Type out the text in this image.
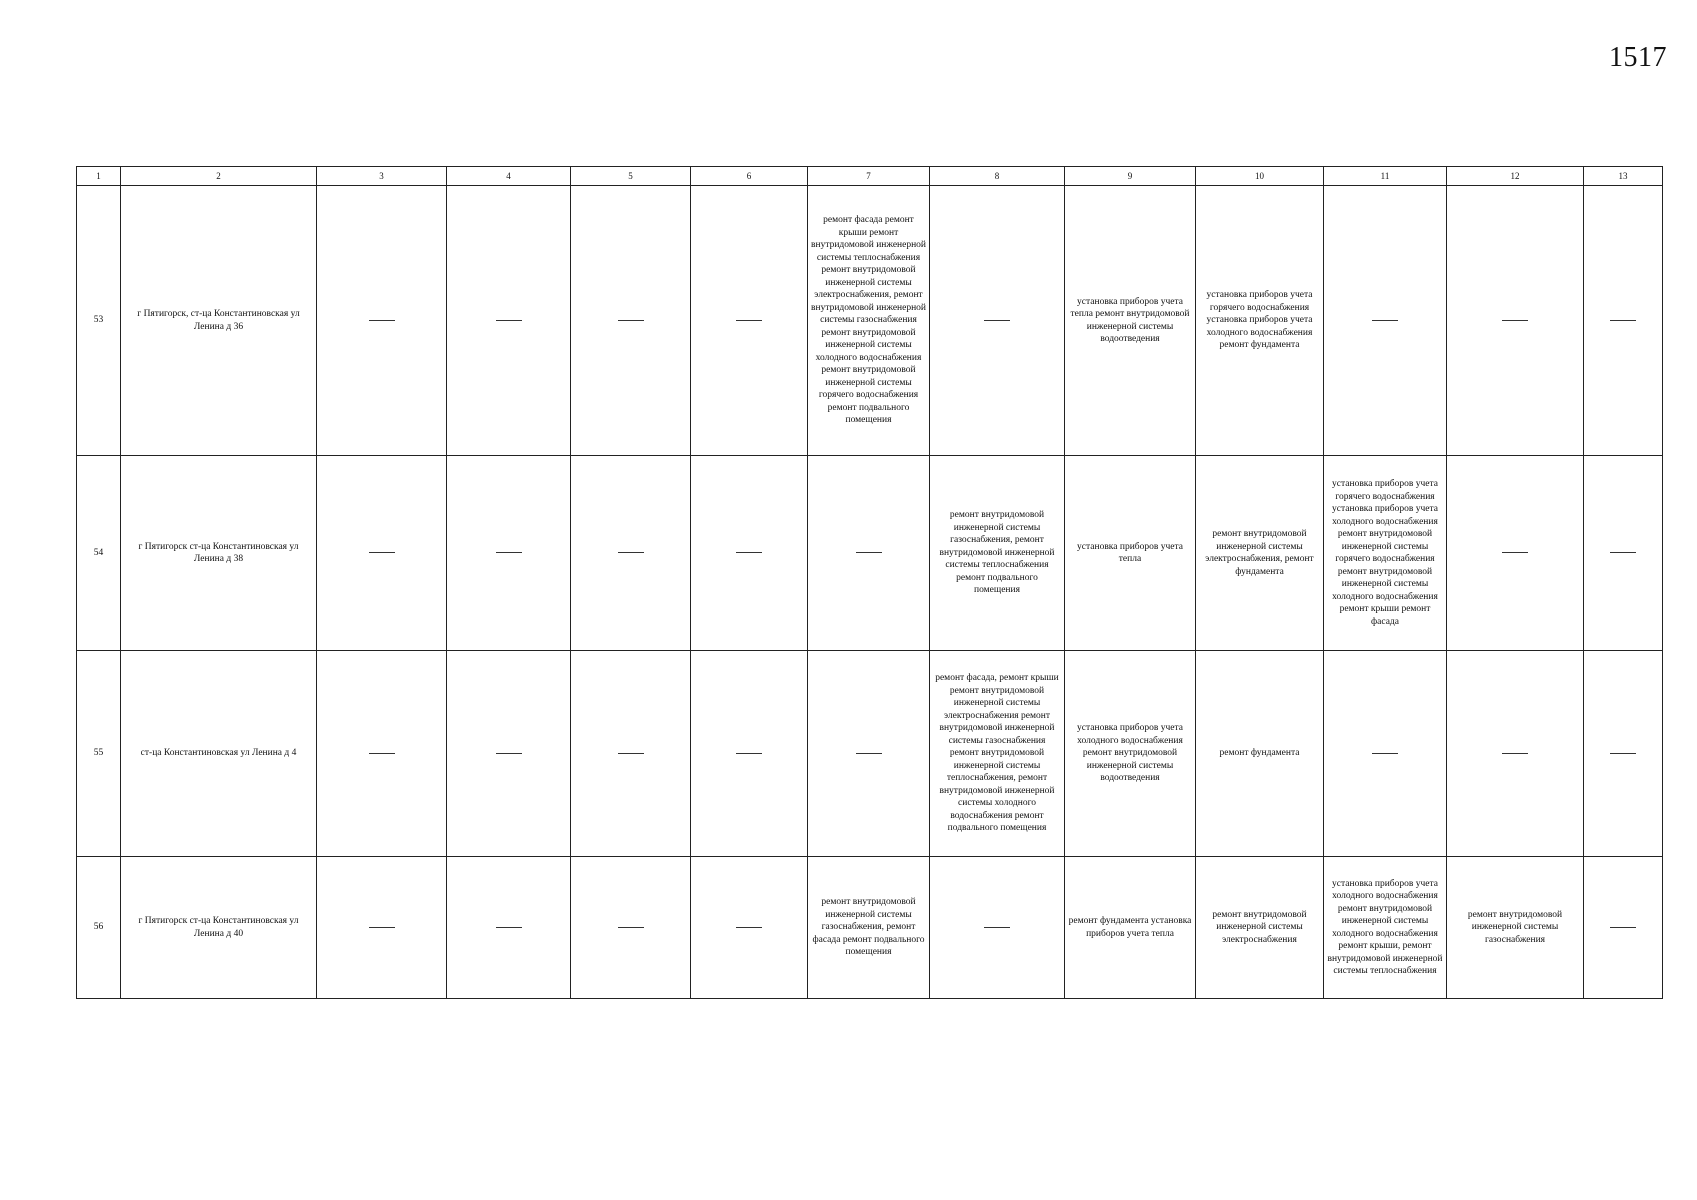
1517
1	2	3	4	5	6	7	8	9	10	11	12	13
53	г Пятигорск, ст-ца Константиновская ул Ленина д 36					ремонт фасада ремонт крыши ремонт внутридомовой инженерной системы теплоснабжения ремонт внутридомовой инженерной системы электроснабжения, ремонт внутридомовой инженерной системы газоснабжения ремонт внутридомовой инженерной системы холодного водоснабжения ремонт внутридомовой инженерной системы горячего водоснабжения ремонт подвального помещения		установка приборов учета тепла ремонт внутридомовой инженерной системы водоотведения	установка приборов учета горячего водоснабжения установка приборов учета холодного водоснабжения ремонт фундамента			

54	г Пятигорск ст-ца Константиновская ул Ленина д 38						ремонт внутридомовой инженерной системы газоснабжения, ремонт внутридомовой инженерной системы теплоснабжения ремонт подвального помещения	установка приборов учета тепла	ремонт внутридомовой инженерной системы электроснабжения, ремонт фундамента	установка приборов учета горячего водоснабжения установка приборов учета холодного водоснабжения ремонт внутридомовой инженерной системы горячего водоснабжения ремонт внутридомовой инженерной системы холодного водоснабжения ремонт крыши ремонт фасада		

55	ст-ца Константиновская ул Ленина д 4						ремонт фасада, ремонт крыши ремонт внутридомовой инженерной системы электроснабжения ремонт внутридомовой инженерной системы газоснабжения ремонт внутридомовой инженерной системы теплоснабжения, ремонт внутридомовой инженерной системы холодного водоснабжения ремонт подвального помещения	установка приборов учета холодного водоснабжения ремонт внутридомовой инженерной системы водоотведения	ремонт фундамента			

56	г Пятигорск ст-ца Константиновская ул Ленина д 40					ремонт внутридомовой инженерной системы газоснабжения, ремонт фасада ремонт подвального помещения		ремонт фундамента установка приборов учета тепла	ремонт внутридомовой инженерной системы электроснабжения	установка приборов учета холодного водоснабжения ремонт внутридомовой инженерной системы холодного водоснабжения ремонт крыши, ремонт внутридомовой инженерной системы теплоснабжения	ремонт внутридомовой инженерной системы газоснабжения	
